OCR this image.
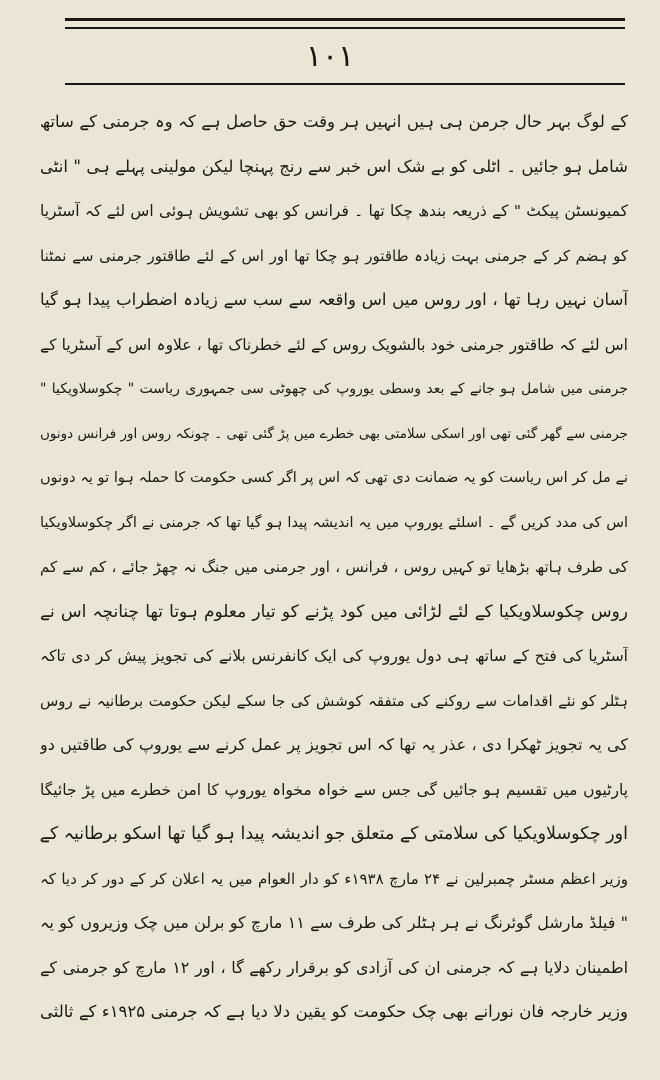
۱۰۱
کے لوگ بہر حال جرمن ہی ہیں انہیں ہر وقت حق حاصل ہے کہ وہ جرمنی کے ساتھ
شامل ہو جائیں ۔ اٹلی کو بے شک اس خبر سے رنج پہنچا لیکن مولینی پہلے ہی " انٹی
کمیونسٹن پیکٹ " کے ذریعہ بندھ چکا تھا ۔ فرانس کو بھی تشویش ہوئی اس لئے کہ آسٹریا
کو ہضم کر کے جرمنی بہت زیادہ طاقتور ہو چکا تھا اور اس کے لئے طاقتور جرمنی سے نمٹنا
آسان نہیں رہا تھا ، اور روس میں اس واقعہ سے سب سے زیادہ اضطراب پیدا ہو گیا
اس لئے کہ طاقتور جرمنی خود بالشویک روس کے لئے خطرناک تھا ، علاوہ اس کے آسٹریا کے
جرمنی میں شامل ہو جانے کے بعد وسطی یوروپ کی چھوٹی سی جمہوری ریاست " چکوسلاویکیا "
جرمنی سے گھر گئی تھی اور اسکی سلامتی بھی خطرے میں پڑ گئی تھی ۔ چونکہ روس اور فرانس دونوں
نے مل کر اس ریاست کو یہ ضمانت دی تھی کہ اس پر اگر کسی حکومت کا حملہ ہوا تو یہ دونوں
اس کی مدد کریں گے ۔ اسلئے یوروپ میں یہ اندیشہ پیدا ہو گیا تھا کہ جرمنی نے اگر چکوسلاویکیا
کی طرف ہاتھ بڑھایا تو کہیں روس ، فرانس ، اور جرمنی میں جنگ نہ چھڑ جائے ، کم سے کم
روس چکوسلاویکیا کے لئے لڑائی میں کود پڑنے کو تیار معلوم ہوتا تھا چنانچہ اس نے
آسٹریا کی فتح کے ساتھ ہی دول یوروپ کی ایک کانفرنس بلانے کی تجویز پیش کر دی تاکہ
ہٹلر کو نئے اقدامات سے روکنے کی متفقہ کوشش کی جا سکے لیکن حکومت برطانیہ نے روس
کی یہ تجویز ٹھکرا دی ، عذر یہ تھا کہ اس تجویز پر عمل کرنے سے یوروپ کی طاقتیں دو
پارٹیوں میں تقسیم ہو جائیں گی جس سے خواہ مخواہ یوروپ کا امن خطرے میں پڑ جائیگا
اور چکوسلاویکیا کی سلامتی کے متعلق جو اندیشہ پیدا ہو گیا تھا اسکو برطانیہ کے
وزیر اعظم مسٹر چمبرلین نے ۲۴ مارچ ۱۹۳۸ء کو دار العوام میں یہ اعلان کر کے دور کر دیا کہ
" فیلڈ مارشل گوئرنگ نے ہر ہٹلر کی طرف سے ۱۱ مارچ کو برلن میں چک وزیروں کو یہ
اطمینان دلایا ہے کہ جرمنی ان کی آزادی کو برقرار رکھے گا ، اور ۱۲ مارچ کو جرمنی کے
وزیر خارجہ فان نورانے بھی چک حکومت کو یقین دلا دیا ہے کہ جرمنی ۱۹۲۵ء کے ثالثی
